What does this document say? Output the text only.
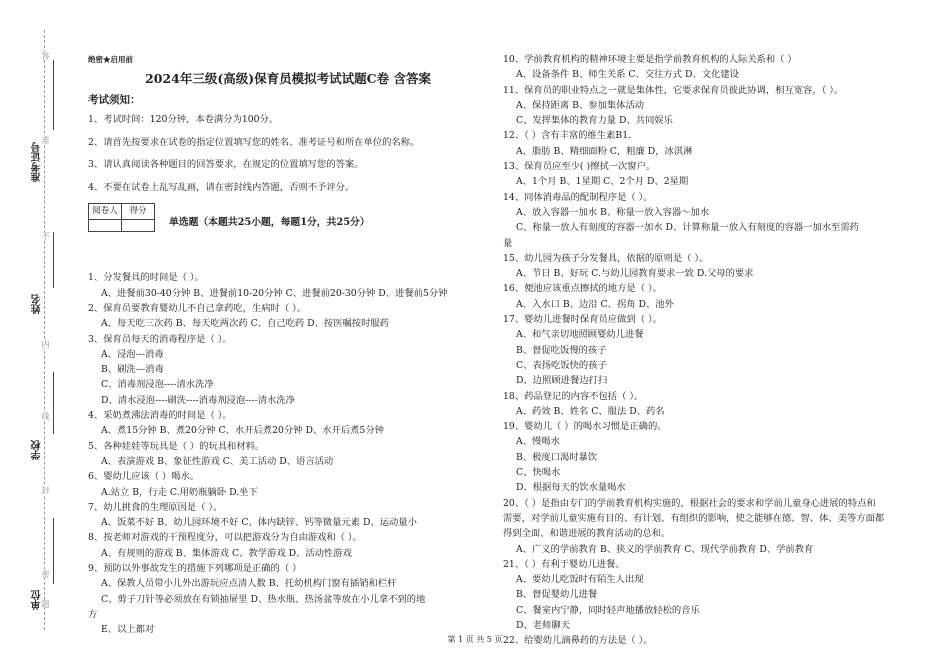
答
准
不
内
线
封
密
题
准考证号
姓名
学校
单位
绝密★启用前
2024年三级(高级)保育员模拟考试试题C卷 含答案
考试须知：
1、考试时间：120分钟，本卷满分为100分。
2、请首先按要求在试卷的指定位置填写您的姓名、准考证号和所在单位的名称。
3、请认真阅读各种题目的回答要求，在规定的位置填写您的答案。
4、不要在试卷上乱写乱画，请在密封线内答题，否则不予评分。
阅卷人	得分

单选题（本题共25小题，每题1分，共25分）
1、分发餐具的时间是（ ）。
A、进餐前30-40分钟 B、进餐前10-20分钟 C、进餐前20-30分钟 D、进餐前5分钟
2、保育员要教育婴幼儿不自己拿药吃，生病时（ ）。
A、每天吃三次药 B、每天吃两次药 C、自己吃药 D、按医嘱按时服药
3、保育员每天的消毒程序是（ ）。
A、浸泡---消毒
B、刷洗---消毒
C、消毒剂浸泡----清水洗净
D、清水浸泡----刷洗----消毒剂浸泡----清水洗净
4、采奶煮沸法消毒的时间是（ ）。
A、煮15分钟 B、煮20分钟 C、水开后煮20分钟 D、水开后煮5分钟
5、各种娃娃等玩具是（ ）的玩具和材料。
A、表演游戏 B、象征性游戏 C、美工活动 D、语言活动
6、婴幼儿应该（ ）喝水。
A.站立 B，行走 C.用奶瓶躺卧 D.坐下
7、幼儿挑食的生理原因是（ ）。
A、饭菜不好 B、幼儿园环境不好 C、体内缺锌、钙等微量元素 D、运动量小
8、按老师对游戏的干预程度分，可以把游戏分为自由游戏和（ ）。
A、有规则的游戏 B、集体游戏 C、教学游戏 D、活动性游戏
9、预防以外事故发生的措施下列哪项是正确的（ ）
A、保教人员带小儿外出游玩应点清人数 B、托幼机构门窗有插销和栏杆
C、剪子刀针等必须放在有锁抽屉里 D、热水瓶、热汤盆等放在小儿拿不到的地
方
E、以上都对
10、学前教育机构的精神环境主要是指学前教育机构的人际关系和（ ）
A、设备条件 B、师生关系 C、交往方式 D、文化建设
11、保育员的职业特点之一就是集体性，它要求保育员彼此协调，相互宽容，（ ）。
A、保持距离 B、参加集体活动
C、发挥集体的教育力量 D、共同娱乐
12、（ ）含有丰富的维生素B1.
A、脂肪 B、精细面粉 C，粗廉 D，冰淇淋
13、保育员应至少( )擦拭一次窗户。
A、1个月 B、1星期 C、2个月 D、2星期
14、同体消毒品的配制程序是（ ）。
A、放入容器一加水 B、称量一放入容器～加水
C、称量一放人有刻度的容器一加水 D、计算称量一放入有刻度的容器一加水至需药
量
15、幼儿园为孩子分发餐具，依据的原则是（ ）。
A、节日 B、好玩 C.与幼儿园教育要求一致 D.父母的要求
16、便池应该重点擦拭的地方是（ ）。
A、入水口 B、边沿 C、拐角 D、池外
17、婴幼儿进餐时保育员应做到（ ）。
A、和气亲切地照顾婴幼儿进餐
B、督促吃饭慢的孩子
C、表扬吃饭快的孩子
D、边照顾进餐边打扫
18、药品登记的内容不包括（ ）。
A、药效 B、姓名 C、服法 D、药名
19、婴幼儿（ ）的喝水习惯是正确的。
A、慢喝水
B、极度口渴时暴饮
C、快喝水
D、根据每天的饮水量喝水
20、（ ）是指由专门的学前教育机构实施的，根据社会的要求和学前儿童身心进展的特点和
需要，对学前儿童实施有目的、有计划、有组织的影响，使之能够在德、智、体、美等方面都
得到全面、和谐进展的教育活动的总和。
A、广义的学前教育 B、狭义的学前教育 C、现代学前教育 D、学前教育
21、（ ）有利于婴幼儿进餐。
A、要幼儿吃饭时有陌生人出现
B、督促婴幼儿进餐
C、餐室内宁静，同时轻声地播放轻松的音乐
D、老师聊天
22、给婴幼儿滴鼻药的方法是（ ）。
第 1 页 共 5 页
